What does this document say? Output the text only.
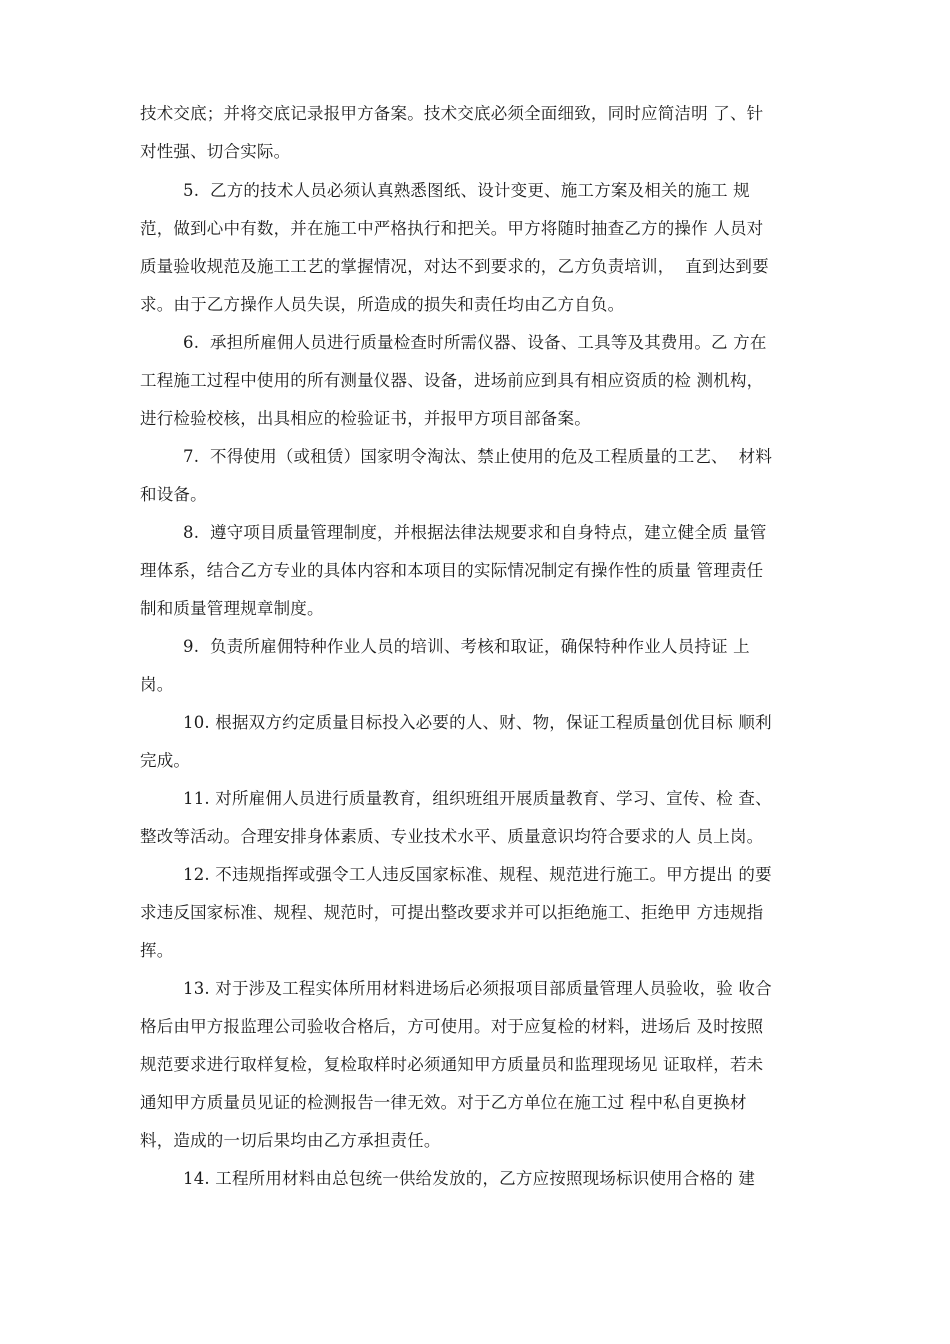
技术交底；并将交底记录报甲方备案。技术交底必须全面细致，同时应简洁明 了、针
对性强、切合实际。
5.  乙方的技术人员必须认真熟悉图纸、设计变更、施工方案及相关的施工 规
范，做到心中有数，并在施工中严格执行和把关。甲方将随时抽查乙方的操作 人员对
质量验收规范及施工工艺的掌握情况，对达不到要求的，乙方负责培训，  直到达到要
求。由于乙方操作人员失误，所造成的损失和责任均由乙方自负。
6.  承担所雇佣人员进行质量检查时所需仪器、设备、工具等及其费用。乙 方在
工程施工过程中使用的所有测量仪器、设备，进场前应到具有相应资质的检 测机构，
进行检验校核，出具相应的检验证书，并报甲方项目部备案。
7.  不得使用（或租赁）国家明令淘汰、禁止使用的危及工程质量的工艺、  材料
和设备。
8.  遵守项目质量管理制度，并根据法律法规要求和自身特点，建立健全质 量管
理体系，结合乙方专业的具体内容和本项目的实际情况制定有操作性的质量 管理责任
制和质量管理规章制度。
9.  负责所雇佣特种作业人员的培训、考核和取证，确保特种作业人员持证 上
岗。
10. 根据双方约定质量目标投入必要的人、财、物，保证工程质量创优目标 顺利
完成。
11. 对所雇佣人员进行质量教育，组织班组开展质量教育、学习、宣传、检 查、
整改等活动。合理安排身体素质、专业技术水平、质量意识均符合要求的人 员上岗。
12. 不违规指挥或强令工人违反国家标准、规程、规范进行施工。甲方提出 的要
求违反国家标准、规程、规范时，可提出整改要求并可以拒绝施工、拒绝甲 方违规指
挥。
13. 对于涉及工程实体所用材料进场后必须报项目部质量管理人员验收，验 收合
格后由甲方报监理公司验收合格后，方可使用。对于应复检的材料，进场后 及时按照
规范要求进行取样复检，复检取样时必须通知甲方质量员和监理现场见 证取样，若未
通知甲方质量员见证的检测报告一律无效。对于乙方单位在施工过 程中私自更换材
料，造成的一切后果均由乙方承担责任。
14. 工程所用材料由总包统一供给发放的，乙方应按照现场标识使用合格的 建
